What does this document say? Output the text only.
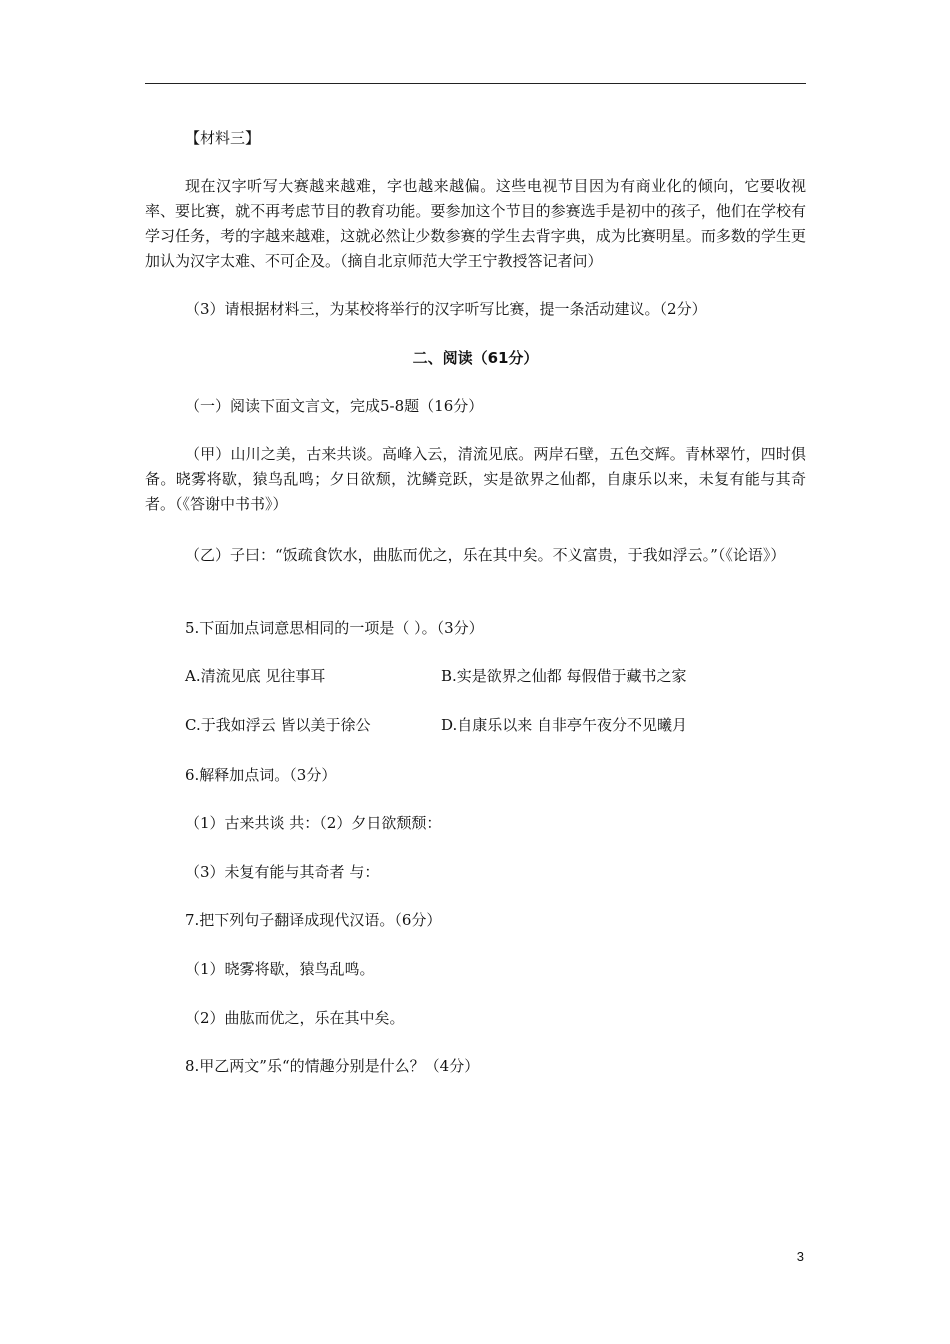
【材料三】

现在汉字听写大赛越来越难，字也越来越偏。这些电视节目因为有商业化的倾向，它要收视率、要比赛，就不再考虑节目的教育功能。要参加这个节目的参赛选手是初中的孩子，他们在学校有学习任务，考的字越来越难，这就必然让少数参赛的学生去背字典，成为比赛明星。而多数的学生更加认为汉字太难、不可企及。（摘自北京师范大学王宁教授答记者问）

（3）请根据材料三，为某校将举行的汉字听写比赛，提一条活动建议。（2分）
二、阅读（61分）
（一）阅读下面文言文，完成5-8题（16分）

（甲）山川之美，古来共谈。高峰入云，清流见底。两岸石壁，五色交辉。青林翠竹，四时俱备。晓雾将歇，猿鸟乱鸣；夕日欲颓，沈鳞竞跃，实是欲界之仙都，自康乐以来，未复有能与其奇者。（《答谢中书书》）

（乙）子曰：“饭疏食饮水，曲肱而优之，乐在其中矣。不义富贵，于我如浮云。”（《论语》）

5.下面加点词意思相同的一项是（ ）。（3分）
A.清流见底 见往事耳	B.实是欲界之仙都 每假借于藏书之家
C.于我如浮云 皆以美于徐公	D.自康乐以来 自非亭午夜分不见曦月
6.解释加点词。（3分）
（1）古来共谈 共：（2）夕日欲颓颓：
（3）未复有能与其奇者 与：
7.把下列句子翻译成现代汉语。（6分）
（1）晓雾将歇，猿鸟乱鸣。
（2）曲肱而优之，乐在其中矣。
8.甲乙两文”乐“的情趣分别是什么？（4分）
3
